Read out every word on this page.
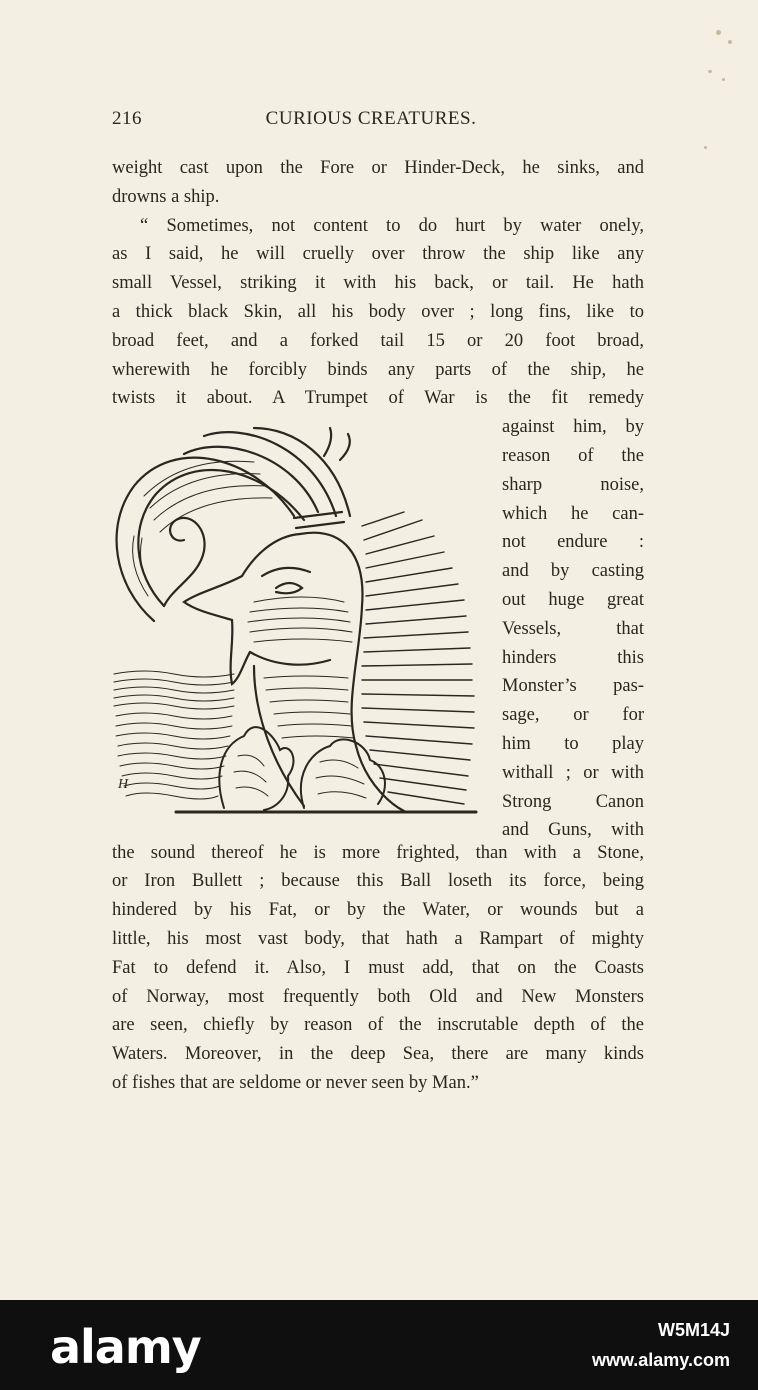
216	CURIOUS CREATURES.
weight cast upon the Fore or Hinder-Deck, he sinks, and
drowns a ship.
“ Sometimes, not content to do hurt by water onely,
as I said, he will cruelly over throw the ship like any
small Vessel, striking it with his back, or tail. He hath
a thick black Skin, all his body over ; long fins, like to
broad feet, and a forked tail 15 or 20 foot broad,
wherewith he forcibly binds any parts of the ship, he
twists it about. A Trumpet of War is the fit remedy
against him, by
reason of the
sharp noise,
which he can-
not endure :
and by casting
out huge great
Vessels, that
hinders this
Monster’s pas-
sage, or for
him to play
withall ; or with
Strong Canon
and Guns, with
H
the sound thereof he is more frighted, than with a Stone,
or Iron Bullett ; because this Ball loseth its force, being
hindered by his Fat, or by the Water, or wounds but a
little, his most vast body, that hath a Rampart of mighty
Fat to defend it. Also, I must add, that on the Coasts
of Norway, most frequently both Old and New Monsters
are seen, chiefly by reason of the inscrutable depth of the
Waters. Moreover, in the deep Sea, there are many kinds
of fishes that are seldome or never seen by Man.”
alamy	W5M14J
www.alamy.com
